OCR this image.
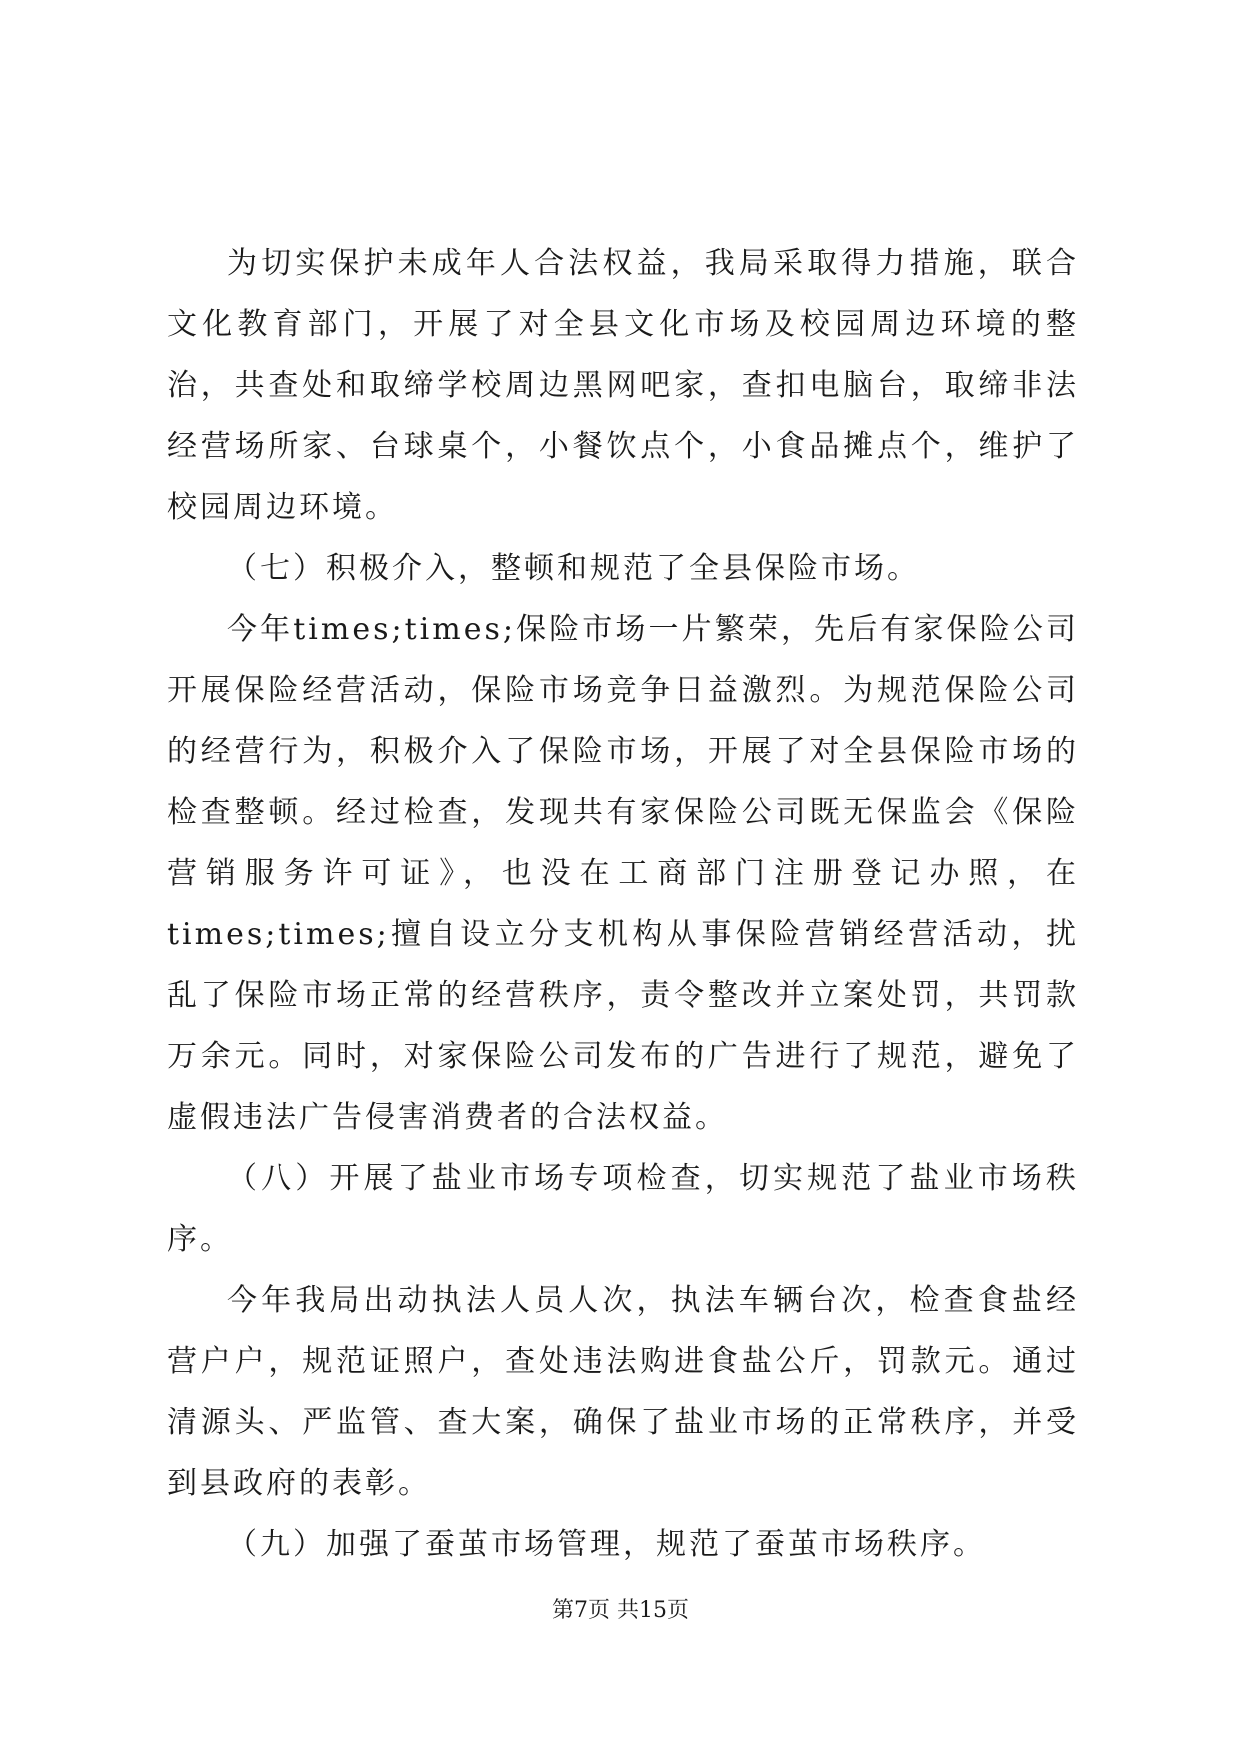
为切实保护未成年人合法权益，我局采取得力措施，联合文化教育部门，开展了对全县文化市场及校园周边环境的整治，共查处和取缔学校周边黑网吧家，查扣电脑台，取缔非法经营场所家、台球桌个，小餐饮点个，小食品摊点个，维护了校园周边环境。

（七）积极介入，整顿和规范了全县保险市场。

今年times;times;保险市场一片繁荣，先后有家保险公司开展保险经营活动，保险市场竞争日益激烈。为规范保险公司的经营行为，积极介入了保险市场，开展了对全县保险市场的检查整顿。经过检查，发现共有家保险公司既无保监会《保险营销服务许可证》，也没在工商部门注册登记办照，在times;times;擅自设立分支机构从事保险营销经营活动，扰乱了保险市场正常的经营秩序，责令整改并立案处罚，共罚款万余元。同时，对家保险公司发布的广告进行了规范，避免了虚假违法广告侵害消费者的合法权益。

（八）开展了盐业市场专项检查，切实规范了盐业市场秩序。

今年我局出动执法人员人次，执法车辆台次，检查食盐经营户户，规范证照户，查处违法购进食盐公斤，罚款元。通过清源头、严监管、查大案，确保了盐业市场的正常秩序，并受到县政府的表彰。

（九）加强了蚕茧市场管理，规范了蚕茧市场秩序。

第7页 共15页
